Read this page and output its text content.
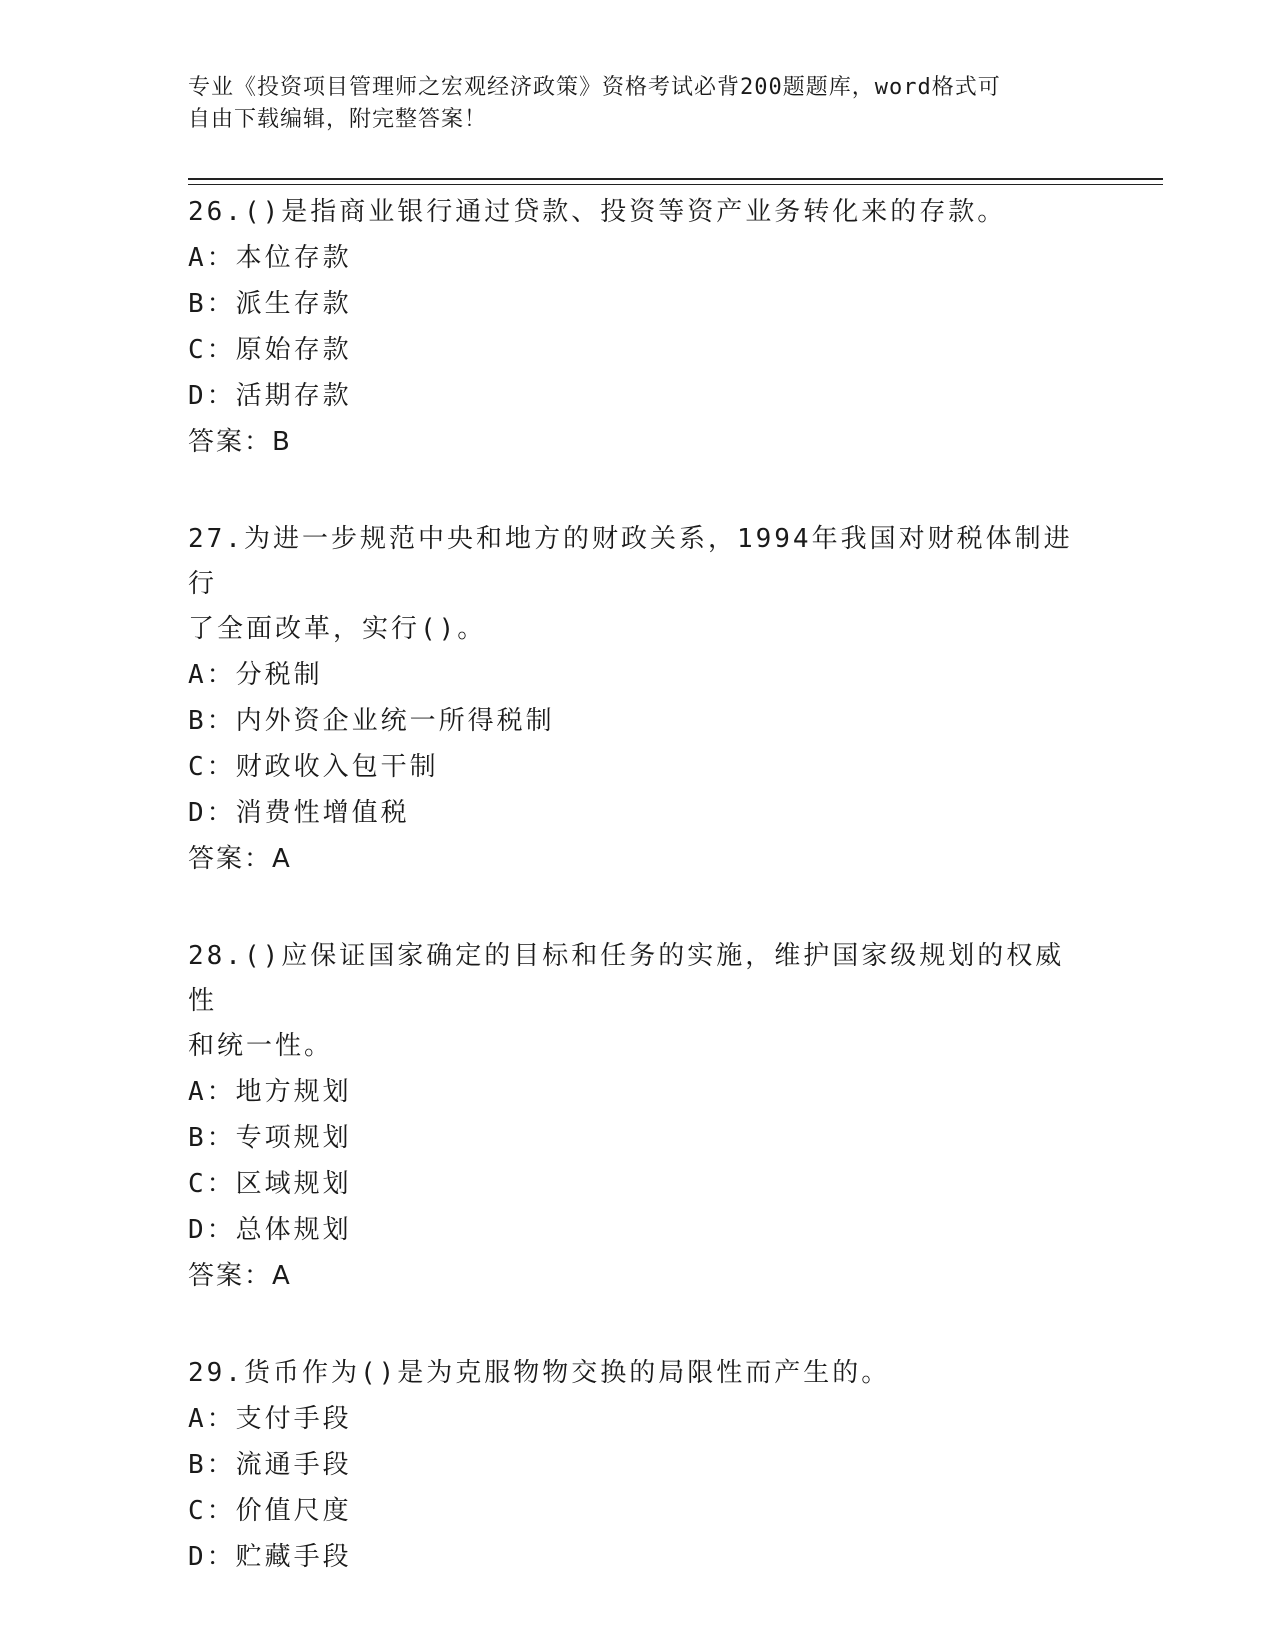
专业《投资项目管理师之宏观经济政策》资格考试必背200题题库，word格式可
自由下载编辑，附完整答案！
26.()是指商业银行通过贷款、投资等资产业务转化来的存款。
A：本位存款
B：派生存款
C：原始存款
D：活期存款
答案：B
27.为进一步规范中央和地方的财政关系，1994年我国对财税体制进行
了全面改革，实行()。
A：分税制
B：内外资企业统一所得税制
C：财政收入包干制
D：消费性增值税
答案：A
28.()应保证国家确定的目标和任务的实施，维护国家级规划的权威性
和统一性。
A：地方规划
B：专项规划
C：区域规划
D：总体规划
答案：A
29.货币作为()是为克服物物交换的局限性而产生的。
A：支付手段
B：流通手段
C：价值尺度
D：贮藏手段
